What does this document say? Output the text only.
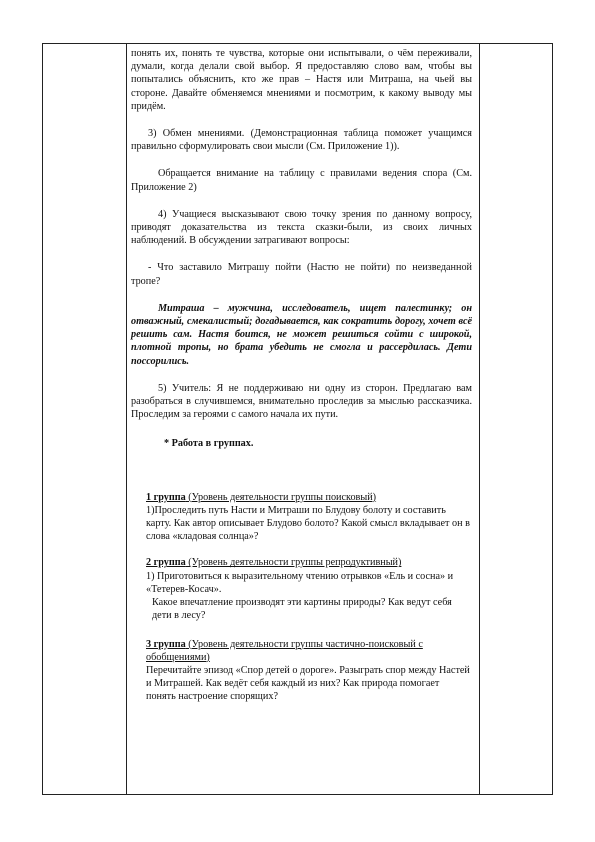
понять их, понять те чувства, которые они испытывали, о чём переживали, думали, когда делали свой выбор. Я предоставляю слово вам, чтобы вы попытались объяснить, кто же прав – Настя или Митраша, на чьей вы стороне. Давайте обменяемся мнениями и посмотрим, к какому выводу мы придём.

3) Обмен мнениями. (Демонстрационная таблица поможет учащимся правильно сформулировать свои мысли (См. Приложение 1)).

Обращается внимание на таблицу с правилами ведения спора (См. Приложение 2)

4) Учащиеся высказывают свою точку зрения по данному вопросу, приводят доказательства из текста сказки-были, из своих личных наблюдений. В обсуждении затрагивают вопросы:

- Что заставило Митрашу пойти (Настю не пойти) по неизведанной тропе?

Митраша – мужчина, исследователь, ищет палестинку; он отважный, смекалистый; догадывается, как сократить дорогу, хочет всё решить сам. Настя боится, не может решиться сойти с широкой, плотной тропы, но брата убедить не смогла и рассердилась. Дети поссорились.

5) Учитель: Я не поддерживаю ни одну из сторон. Предлагаю вам разобраться в случившемся, внимательно проследив за мыслью рассказчика. Проследим за героями с самого начала их пути.

* Работа в группах.

1 группа (Уровень деятельности группы поисковый)

1)Проследить путь Насти и Митраши по Блудову болоту и составить карту. Как автор описывает Блудово болото? Какой смысл вкладывает он в слова «кладовая солнца»?

2 группа (Уровень деятельности группы репродуктивный)

1) Приготовиться к выразительному чтению отрывков «Ель и сосна» и «Тетерев-Косач».

Какое впечатление производят эти картины природы? Как ведут себя дети в лесу?

3 группа (Уровень деятельности группы частично-поисковый с обобщениями)

Перечитайте эпизод «Спор детей о дороге». Разыграть спор между Настей и Митрашей. Как ведёт себя каждый из них? Как природа помогает понять настроение спорящих?
